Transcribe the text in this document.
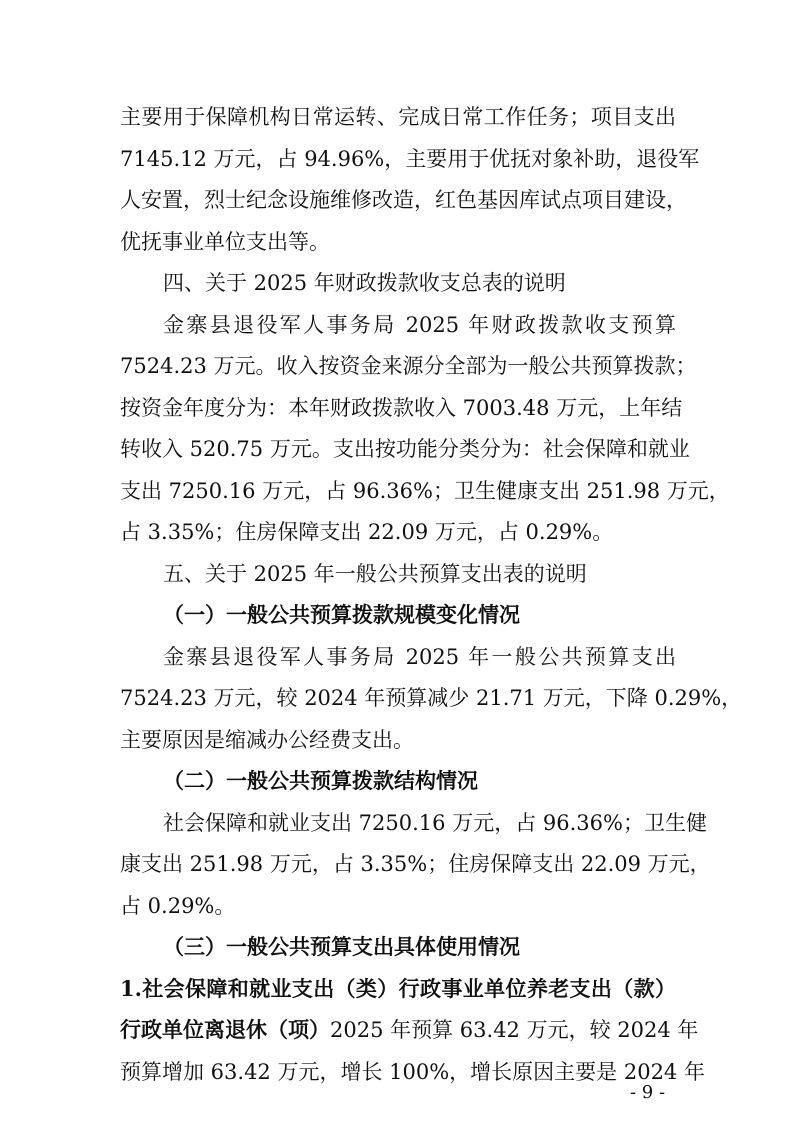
主要用于保障机构日常运转、完成日常工作任务；项目支出
7145.12 万元，占 94.96%，主要用于优抚对象补助，退役军
人安置，烈士纪念设施维修改造，红色基因库试点项目建设，
优抚事业单位支出等。
四、关于 2025 年财政拨款收支总表的说明
金寨县退役军人事务局 2025 年财政拨款收支预算
7524.23 万元。收入按资金来源分全部为一般公共预算拨款；
按资金年度分为：本年财政拨款收入 7003.48 万元，上年结
转收入 520.75 万元。支出按功能分类分为：社会保障和就业
支出 7250.16 万元，占 96.36%；卫生健康支出 251.98 万元，
占 3.35%；住房保障支出 22.09 万元，占 0.29%。
五、关于 2025 年一般公共预算支出表的说明
（一）一般公共预算拨款规模变化情况
金寨县退役军人事务局 2025 年一般公共预算支出
7524.23 万元，较 2024 年预算减少 21.71 万元，下降 0.29%，
主要原因是缩减办公经费支出。
（二）一般公共预算拨款结构情况
社会保障和就业支出 7250.16 万元，占 96.36%；卫生健
康支出 251.98 万元，占 3.35%；住房保障支出 22.09 万元，
占 0.29%。
- 9 -
（三）一般公共预算支出具体使用情况
1.社会保障和就业支出（类）行政事业单位养老支出（款）
行政单位离退休（项）2025 年预算 63.42 万元，较 2024 年
预算增加 63.42 万元，增长 100%，增长原因主要是 2024 年
